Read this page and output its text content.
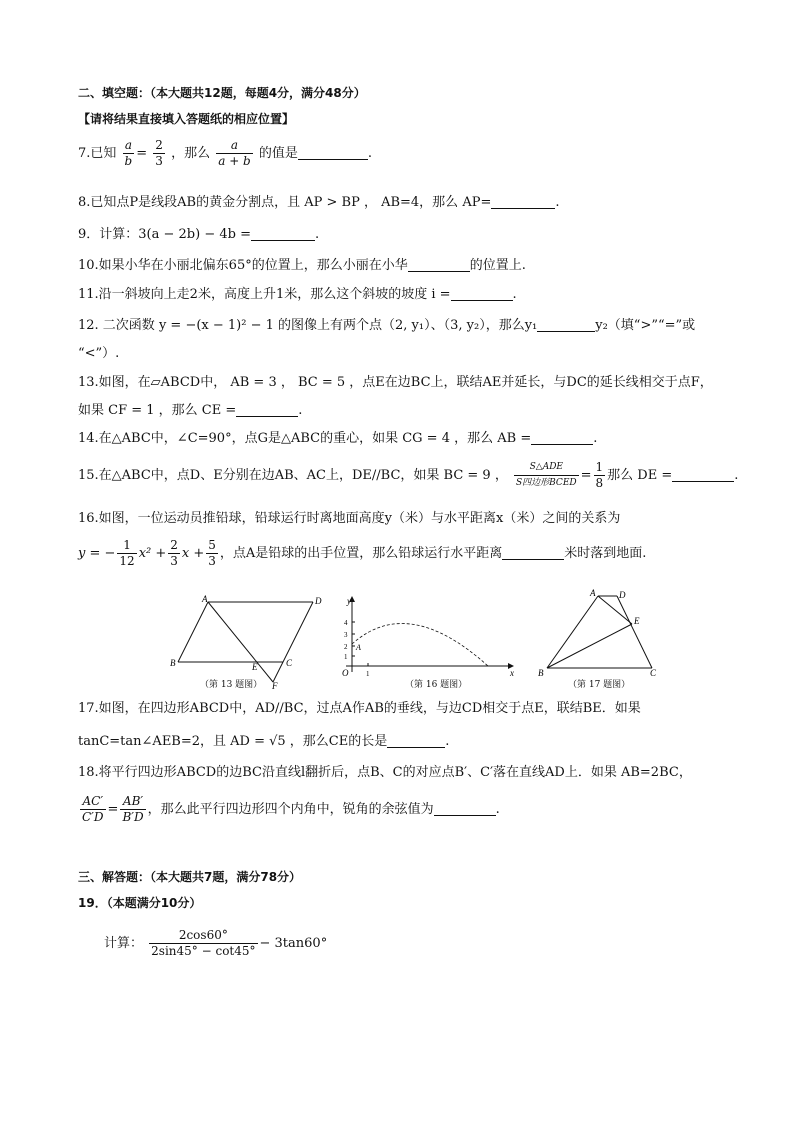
二、填空题：（本大题共12题，每题4分，满分48分）
【请将结果直接填入答题纸的相应位置】
7.已知 $\frac{a}{b} = \frac{2}{3}$ ，那么 $\frac{a}{a + b}$ 的值是	.
8.已知点P是线段AB的黄金分割点，且 AP > BP ， AB=4，那么 AP=	.
9．计算：3(a − 2b) − 4b =	.
10.如果小华在小丽北偏东65°的位置上，那么小丽在小华	的位置上.
11.沿一斜坡向上走2米，高度上升1米，那么这个斜坡的坡度 i =	.
12. 二次函数 y = −(x − 1)² − 1 的图像上有两个点（2, y₁）、（3, y₂），那么y₁	y₂（填“>”“=”或
“<”）.
13.如图，在▱ABCD中， AB = 3 ， BC = 5 ，点E在边BC上，联结AE并延长，与DC的延长线相交于点F，
如果 CF = 1 ，那么 CE =	.
14.在△ABC中，∠C=90°，点G是△ABC的重心，如果 CG = 4 ，那么 AB =	.
15.在△ABC中，点D、E分别在边AB、AC上，DE//BC，如果 BC = 9 ， $\frac{\text{S△ADE}}{\text{S四边形BCED}} = \frac{1}{8}$ 那么 DE =	.
16.如图，一位运动员推铅球，铅球运行时离地面高度y（米）与水平距离x（米）之间的关系为
y = − $\frac{1}{12} x^2 + \frac{2}{3}$ $x + \frac{5}{3}$ ，点A是铅球的出手位置，那么铅球运行水平距离	米时落到地面.
A	D
B	E	C
F
（第 13 题图）
y
x
O
A
1
2
3
4
1
（第 16 题图）
A	D
E
B	C
（第 17 题图）
17.如图，在四边形ABCD中，AD//BC，过点A作AB的垂线，与边CD相交于点E，联结BE．如果
tanC=tan∠AEB=2，且 AD = √5 ，那么CE的长是	.
18.将平行四边形ABCD的边BC沿直线l翻折后，点B、C的对应点B′、C′落在直线AD上．如果 AB=2BC，
$\frac{AC'}{C'D} = \frac{AB'}{B'D}$ ，那么此平行四边形四个内角中，锐角的余弦值为	.
三、解答题：（本大题共7题，满分78分）
19．（本题满分10分）
计算： $\frac{2\cos 60^\circ}{2\sin 45^\circ - \cot 45^\circ} - 3\tan 60^\circ$
